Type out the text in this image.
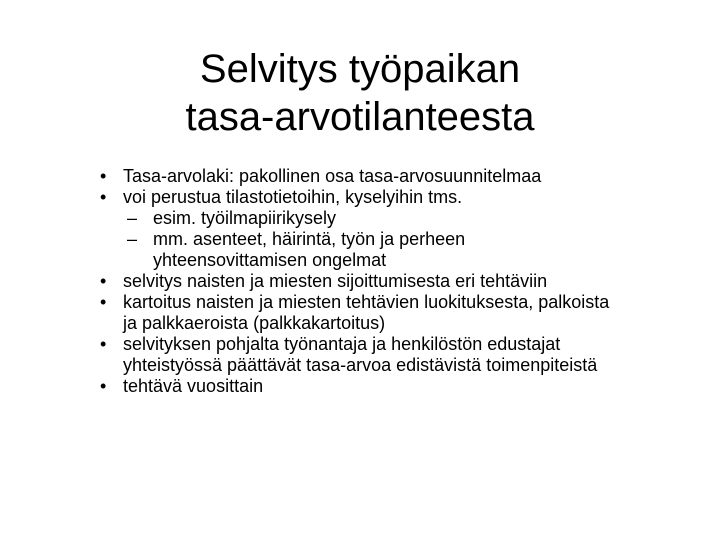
Selvitys työpaikan
tasa-arvotilanteesta
• Tasa-arvolaki: pakollinen osa tasa-arvosuunnitelmaa
• voi perustua tilastotietoihin, kyselyihin tms.
– esim. työilmapiirikysely
– mm. asenteet, häirintä, työn ja perheen yhteensovittamisen ongelmat
• selvitys naisten ja miesten sijoittumisesta eri tehtäviin
• kartoitus naisten ja miesten tehtävien luokituksesta, palkoista ja palkkaeroista (palkkakartoitus)
• selvityksen pohjalta työnantaja ja henkilöstön edustajat yhteistyössä päättävät tasa-arvoa edistävistä toimenpiteistä
• tehtävä vuosittain
